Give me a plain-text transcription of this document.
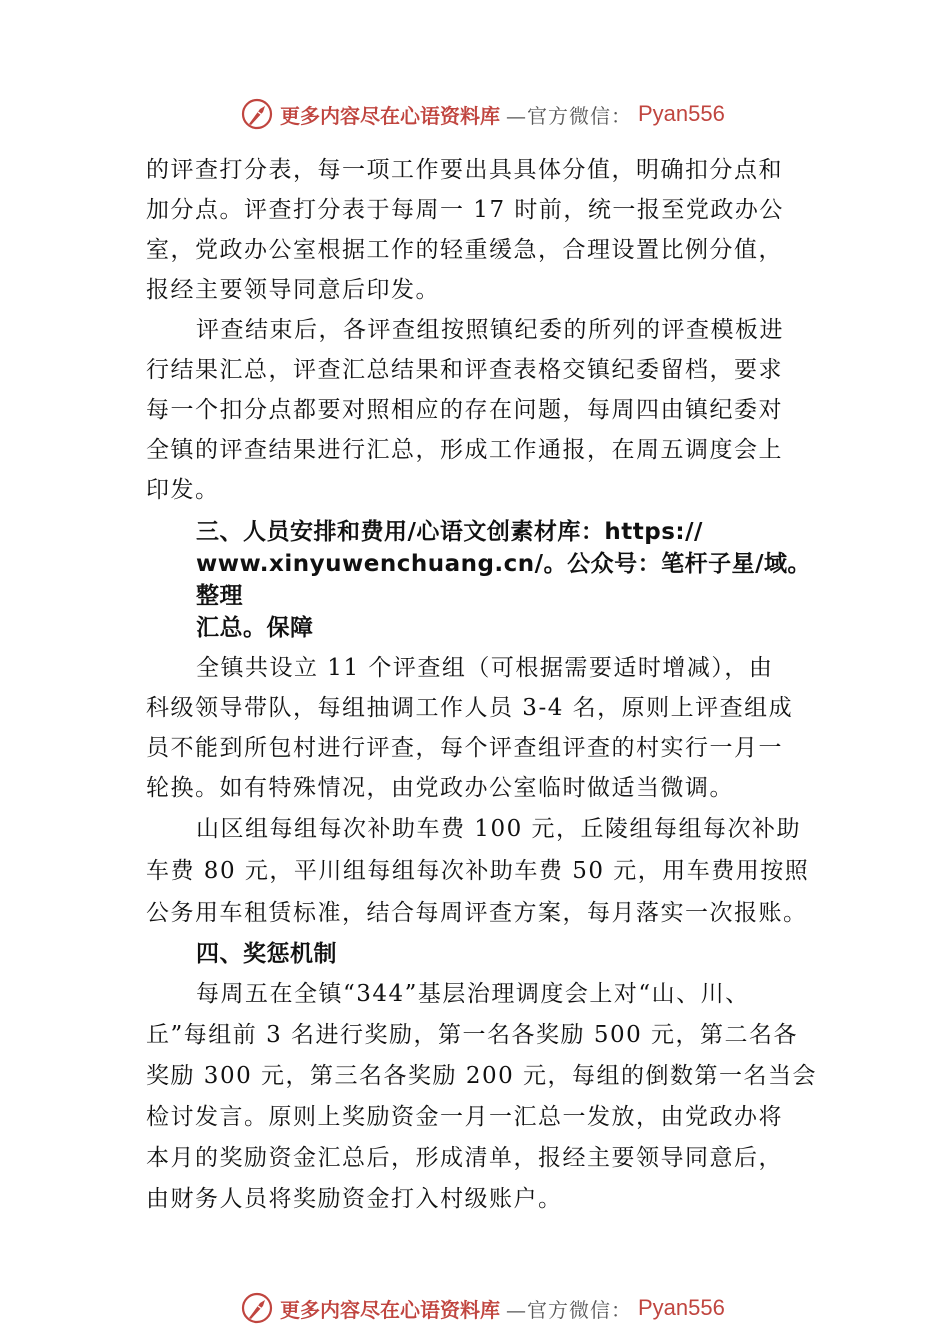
更多内容尽在心语资料库 —官方微信： Pyan556

的评查打分表，每一项工作要出具具体分值，明确扣分点和
加分点。评查打分表于每周一 17 时前，统一报至党政办公
室，党政办公室根据工作的轻重缓急，合理设置比例分值，
报经主要领导同意后印发。

评查结束后，各评查组按照镇纪委的所列的评查模板进
行结果汇总，评查汇总结果和评查表格交镇纪委留档，要求
每一个扣分点都要对照相应的存在问题，每周四由镇纪委对
全镇的评查结果进行汇总，形成工作通报，在周五调度会上
印发。

三、人员安排和费用/心语文创素材库：https://
www.xinyuwenchuang.cn/。公众号：笔杆子星/域。整理
汇总。保障

全镇共设立 11 个评查组（可根据需要适时增减），由
科级领导带队，每组抽调工作人员 3-4 名，原则上评查组成
员不能到所包村进行评查，每个评查组评查的村实行一月一
轮换。如有特殊情况，由党政办公室临时做适当微调。

山区组每组每次补助车费 100 元，丘陵组每组每次补助
车费 80 元，平川组每组每次补助车费 50 元，用车费用按照
公务用车租赁标准，结合每周评查方案，每月落实一次报账。

四、奖惩机制

每周五在全镇“344”基层治理调度会上对“山、川、
丘”每组前 3 名进行奖励，第一名各奖励 500 元，第二名各
奖励 300 元，第三名各奖励 200 元，每组的倒数第一名当会
检讨发言。原则上奖励资金一月一汇总一发放，由党政办将
本月的奖励资金汇总后，形成清单，报经主要领导同意后，
由财务人员将奖励资金打入村级账户。

更多内容尽在心语资料库 —官方微信： Pyan556
